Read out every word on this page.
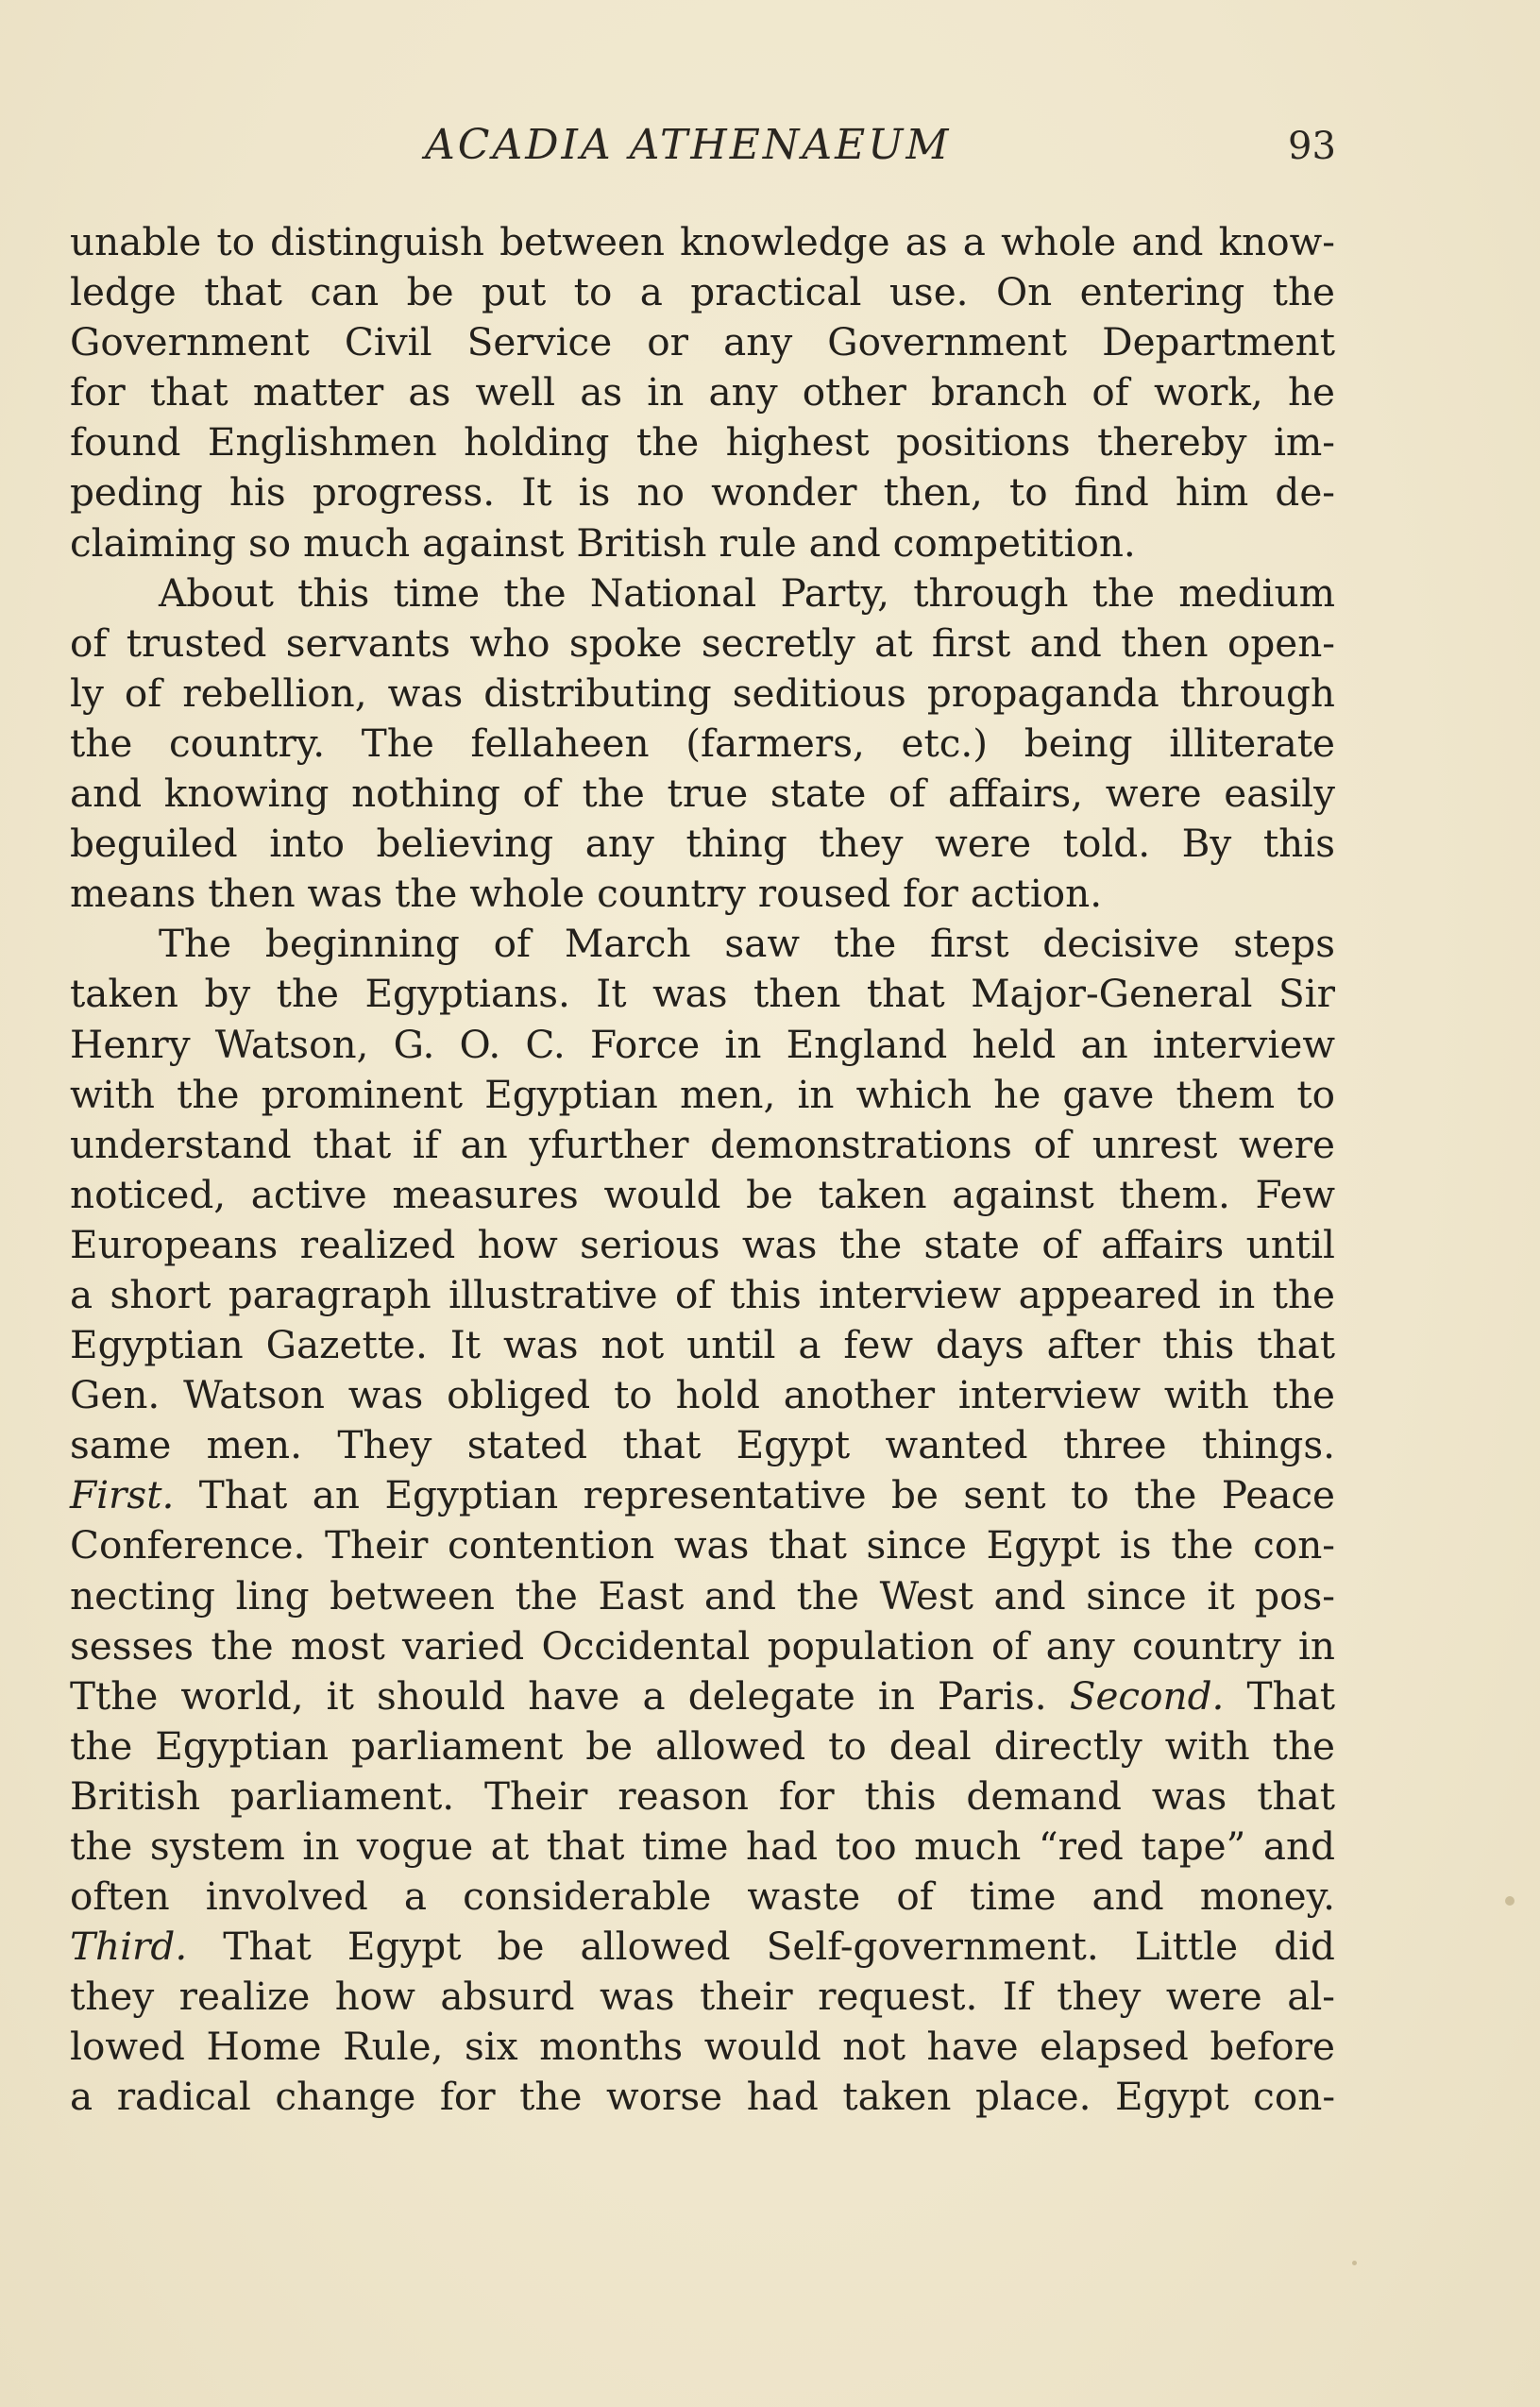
ACADIA ATHENAEUM	93
unable to distinguish between knowledge as a whole and know-
ledge that can be put to a practical use. On entering the
Government Civil Service or any Government Department
for that matter as well as in any other branch of work, he
found Englishmen holding the highest positions thereby im-
peding his progress. It is no wonder then, to find him de-
claiming so much against British rule and competition.
About this time the National Party, through the medium
of trusted servants who spoke secretly at first and then open-
ly of rebellion, was distributing seditious propaganda through
the country. The fellaheen (farmers, etc.) being illiterate
and knowing nothing of the true state of affairs, were easily
beguiled into believing any thing they were told. By this
means then was the whole country roused for action.
The beginning of March saw the first decisive steps
taken by the Egyptians. It was then that Major-General Sir
Henry Watson, G. O. C. Force in England held an interview
with the prominent Egyptian men, in which he gave them to
understand that if an yfurther demonstrations of unrest were
noticed, active measures would be taken against them. Few
Europeans realized how serious was the state of affairs until
a short paragraph illustrative of this interview appeared in the
Egyptian Gazette. It was not until a few days after this that
Gen. Watson was obliged to hold another interview with the
same men. They stated that Egypt wanted three things.
First. That an Egyptian representative be sent to the Peace
Conference. Their contention was that since Egypt is the con-
necting ling between the East and the West and since it pos-
sesses the most varied Occidental population of any country in
Tthe world, it should have a delegate in Paris. Second. That
the Egyptian parliament be allowed to deal directly with the
British parliament. Their reason for this demand was that
the system in vogue at that time had too much “red tape” and
often involved a considerable waste of time and money.
Third. That Egypt be allowed Self-government. Little did
they realize how absurd was their request. If they were al-
lowed Home Rule, six months would not have elapsed before
a radical change for the worse had taken place. Egypt con-
